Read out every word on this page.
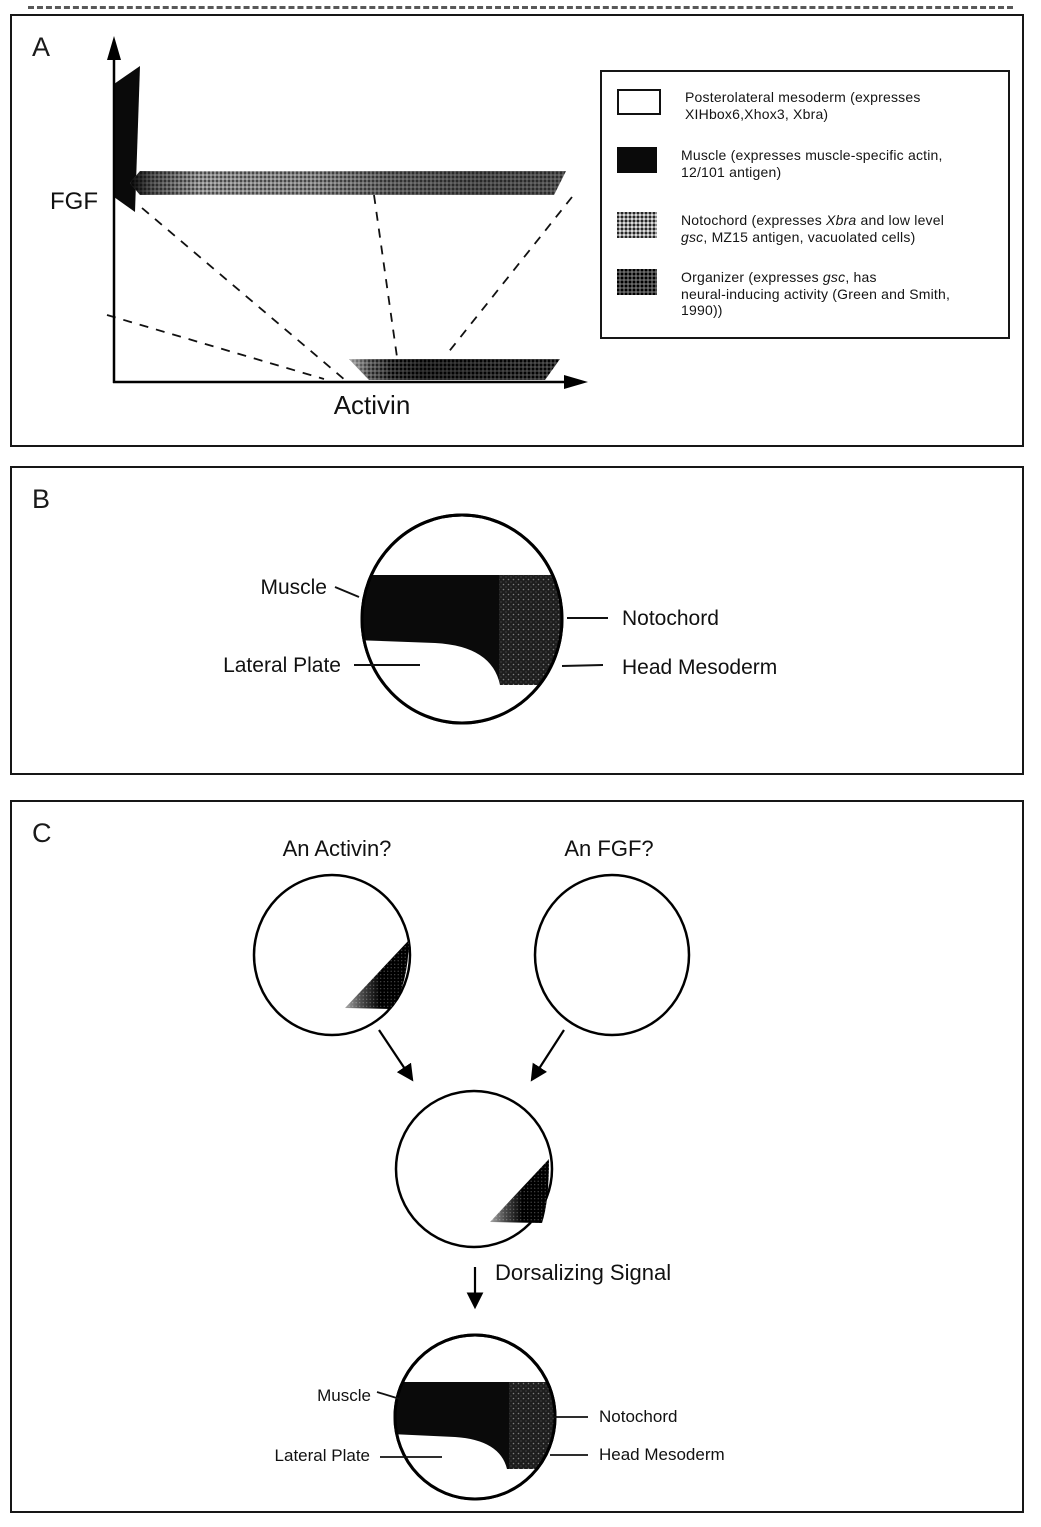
A
FGF
Activin
Posterolateral mesoderm (expresses
XIHbox6,Xhox3, Xbra)
Muscle (expresses muscle-specific actin,
12/101 antigen)
Notochord (expresses Xbra and low level
gsc, MZ15 antigen, vacuolated cells)
Organizer (expresses gsc, has
neural-inducing activity (Green and Smith,
1990))
B
Muscle
Lateral Plate
Notochord
Head Mesoderm
C
An Activin?	An FGF?
Dorsalizing Signal
Muscle
Lateral Plate
Notochord
Head Mesoderm
